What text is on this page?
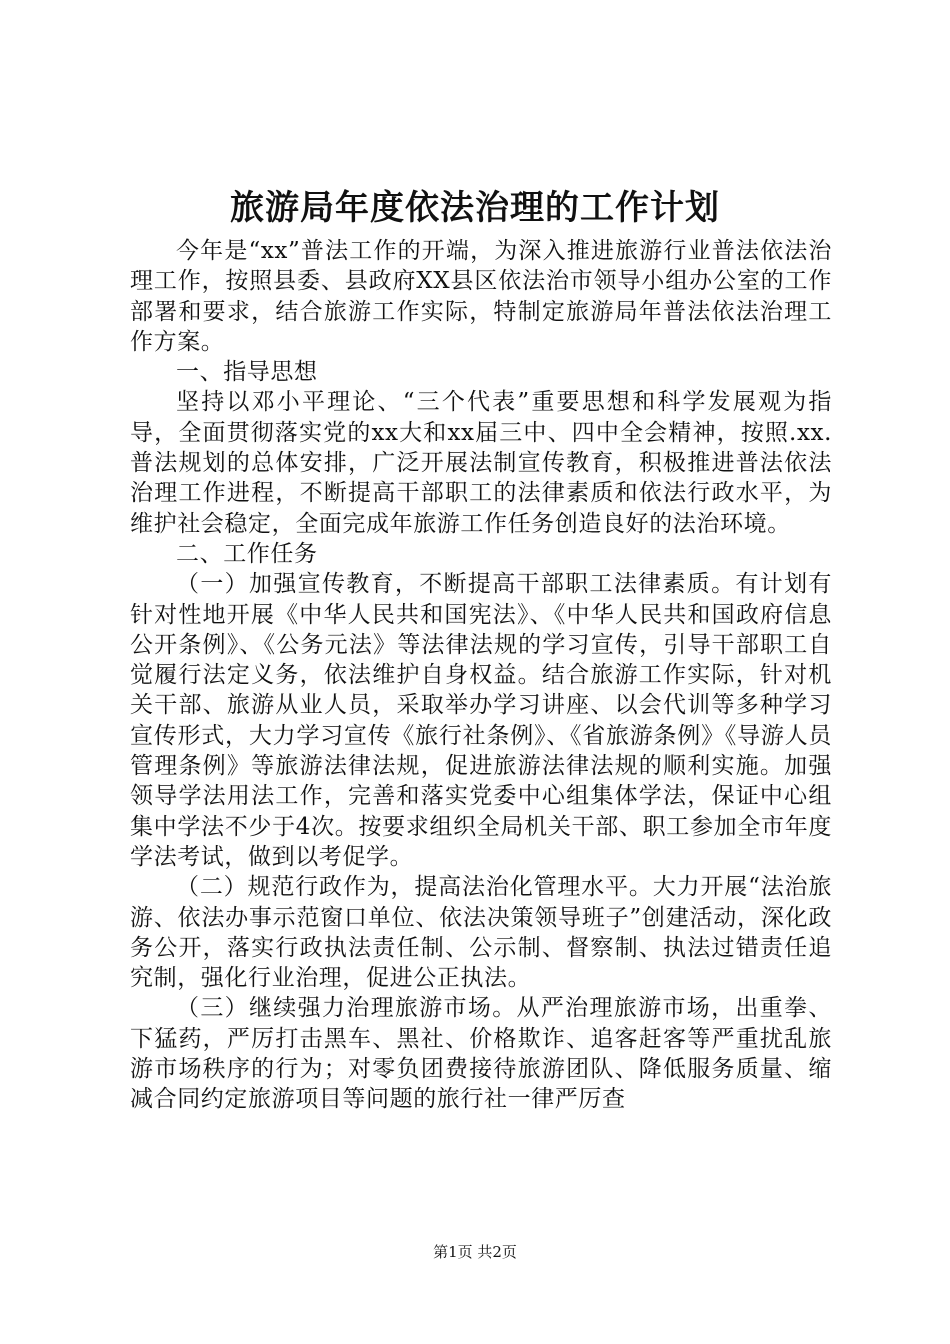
旅游局年度依法治理的工作计划

今年是“xx”普法工作的开端，为深入推进旅游行业普法依法治理工作，按照县委、县政府XX县区依法治市领导小组办公室的工作部署和要求，结合旅游工作实际，特制定旅游局年普法依法治理工作方案。

一、指导思想

坚持以邓小平理论、“三个代表”重要思想和科学发展观为指导，全面贯彻落实党的xx大和xx届三中、四中全会精神，按照.xx.普法规划的总体安排，广泛开展法制宣传教育，积极推进普法依法治理工作进程，不断提高干部职工的法律素质和依法行政水平，为维护社会稳定，全面完成年旅游工作任务创造良好的法治环境。

二、工作任务

（一）加强宣传教育，不断提高干部职工法律素质。有计划有针对性地开展《中华人民共和国宪法》、《中华人民共和国政府信息公开条例》、《公务元法》等法律法规的学习宣传，引导干部职工自觉履行法定义务，依法维护自身权益。结合旅游工作实际，针对机关干部、旅游从业人员，采取举办学习讲座、以会代训等多种学习宣传形式，大力学习宣传《旅行社条例》、《省旅游条例》《导游人员管理条例》等旅游法律法规，促进旅游法律法规的顺利实施。加强领导学法用法工作，完善和落实党委中心组集体学法，保证中心组集中学法不少于4次。按要求组织全局机关干部、职工参加全市年度学法考试，做到以考促学。

（二）规范行政作为，提高法治化管理水平。大力开展“法治旅游、依法办事示范窗口单位、依法决策领导班子”创建活动，深化政务公开，落实行政执法责任制、公示制、督察制、执法过错责任追究制，强化行业治理，促进公正执法。

（三）继续强力治理旅游市场。从严治理旅游市场，出重拳、下猛药，严厉打击黑车、黑社、价格欺诈、追客赶客等严重扰乱旅游市场秩序的行为；对零负团费接待旅游团队、降低服务质量、缩减合同约定旅游项目等问题的旅行社一律严厉查

第1页 共2页
